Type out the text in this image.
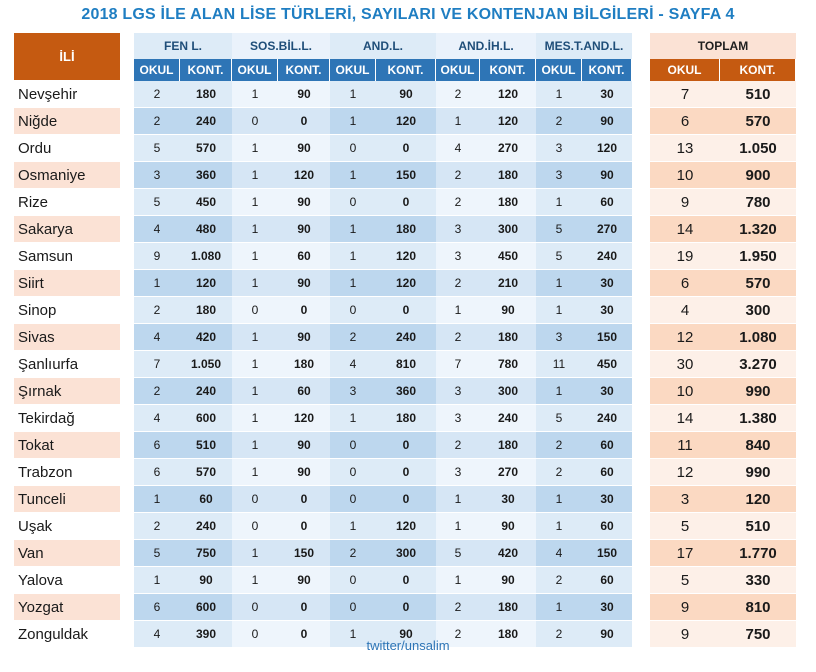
2018 LGS İLE ALAN LİSE TÜRLERİ, SAYILARI VE KONTENJAN BİLGİLERİ - SAYFA 4
İLİ		FEN L.		SOS.BİL.L.		AND.L.		AND.İH.L.		MES.T.AND.L.			TOPLAM	
		OKUL	KONT.	OKUL	KONT.	OKUL	KONT.	OKUL	KONT.	OKUL	KONT.		OKUL	KONT.
Nevşehir		2	180	1	90	1	90	2	120	1	30		7	510
Niğde		2	240	0	0	1	120	1	120	2	90		6	570
Ordu		5	570	1	90	0	0	4	270	3	120		13	1.050
Osmaniye		3	360	1	120	1	150	2	180	3	90		10	900
Rize		5	450	1	90	0	0	2	180	1	60		9	780
Sakarya		4	480	1	90	1	180	3	300	5	270		14	1.320
Samsun		9	1.080	1	60	1	120	3	450	5	240		19	1.950
Siirt		1	120	1	90	1	120	2	210	1	30		6	570
Sinop		2	180	0	0	0	0	1	90	1	30		4	300
Sivas		4	420	1	90	2	240	2	180	3	150		12	1.080
Şanlıurfa		7	1.050	1	180	4	810	7	780	11	450		30	3.270
Şırnak		2	240	1	60	3	360	3	300	1	30		10	990
Tekirdağ		4	600	1	120	1	180	3	240	5	240		14	1.380
Tokat		6	510	1	90	0	0	2	180	2	60		11	840
Trabzon		6	570	1	90	0	0	3	270	2	60		12	990
Tunceli		1	60	0	0	0	0	1	30	1	30		3	120
Uşak		2	240	0	0	1	120	1	90	1	60		5	510
Van		5	750	1	150	2	300	5	420	4	150		17	1.770
Yalova		1	90	1	90	0	0	1	90	2	60		5	330
Yozgat		6	600	0	0	0	0	2	180	1	30		9	810
Zonguldak		4	390	0	0	1	90	2	180	2	90		9	750
twitter/unsalim
